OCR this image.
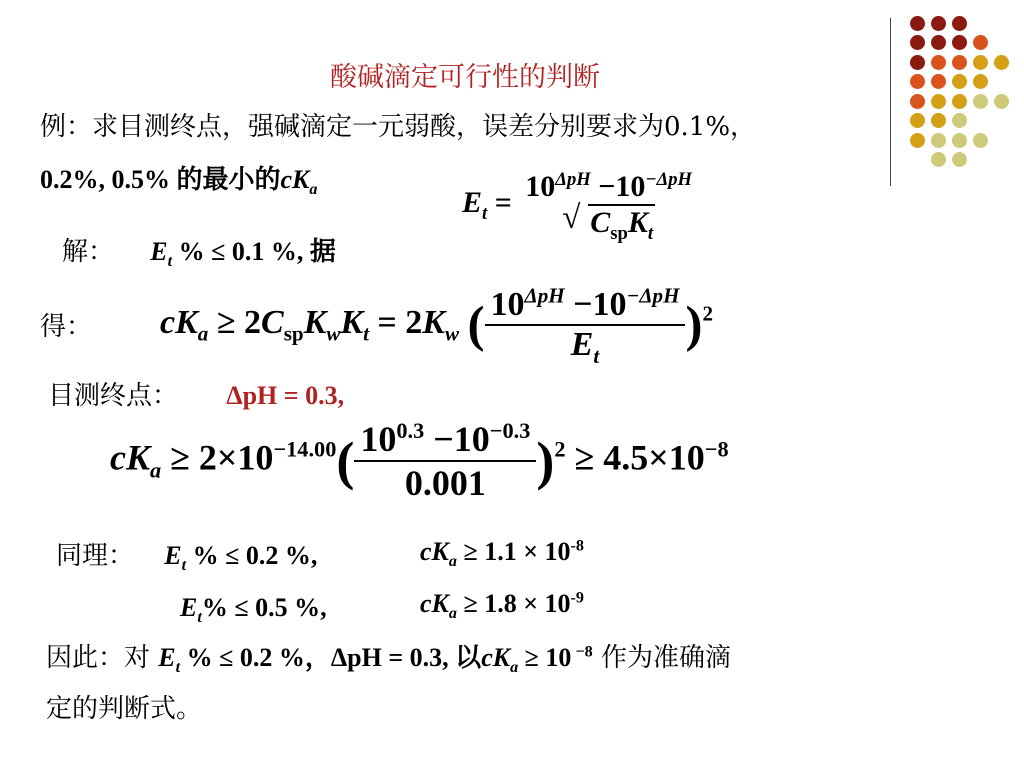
酸碱滴定可行性的判断
例：求目测终点，强碱滴定一元弱酸，误差分别要求为0.1%，
0.2%, 0.5% 的最小的$cK_a$	$E_t = 10^{\Delta pH} -10^{-\Delta pH}$
√ $C_{sp}K_t$
解： $E_t$ % ≤ 0.1 %, 据
得： $cK_a \ge 2C_{sp}K_wK_t = 2K_w$ ( $\frac{10^{\Delta pH} -10^{-\Delta pH}}{E_t} )^2$
目测终点： ΔpH = 0.3,
$cK_a \ge 2\times 10^{-14.00}( \frac{10^{0.3} -10^{-0.3}}{0.001} )^2 \ge 4.5\times 10^{-8}$
同理： $E_t$ % ≤ 0.2 %,	$cK_a \ge 1.1 \times 10^{-8}$
$E_t\% \le 0.5$ %,	$cK_a \ge 1.8 \times 10^{-9}$
因此：对 $E_t$ % ≤ 0.2 %，ΔpH = 0.3, 以$cK_a \ge 10$ $^{-8}$ 作为准确滴
定的判断式。
